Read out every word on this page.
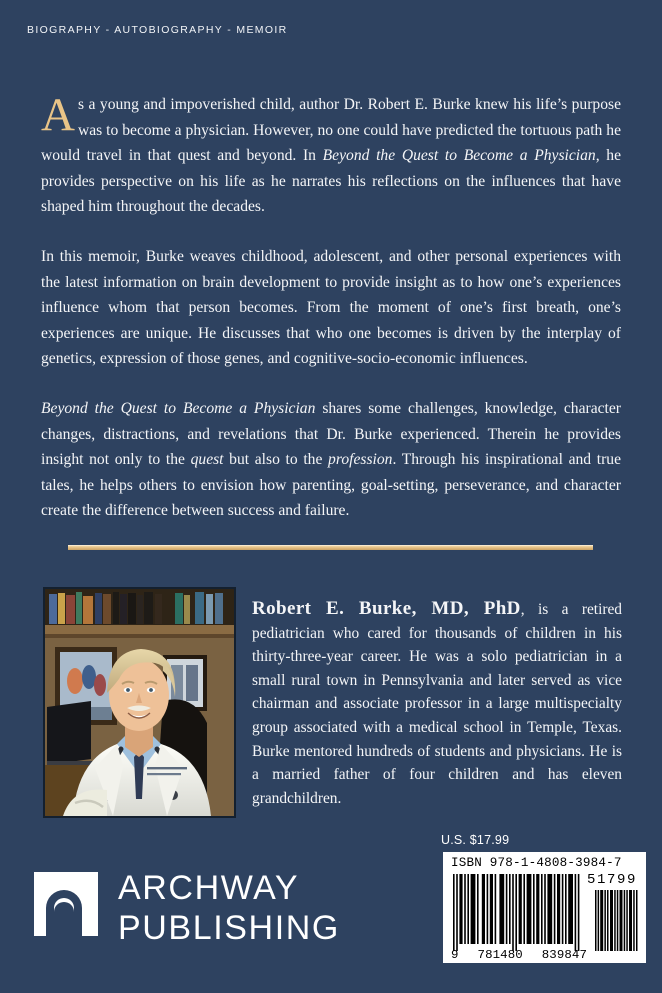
BIOGRAPHY - AUTOBIOGRAPHY - MEMOIR

As a young and impoverished child, author Dr. Robert E. Burke knew his life’s purpose was to become a physician. However, no one could have predicted the tortuous path he would travel in that quest and beyond. In Beyond the Quest to Become a Physician, he provides perspective on his life as he narrates his reflections on the influences that have shaped him throughout the decades.

In this memoir, Burke weaves childhood, adolescent, and other personal experiences with the latest information on brain development to provide insight as to how one’s experiences influence whom that person becomes. From the moment of one’s first breath, one’s experiences are unique. He discusses that who one becomes is driven by the interplay of genetics, expression of those genes, and cognitive-socio-economic influences.

Beyond the Quest to Become a Physician shares some challenges, knowledge, character changes, distractions, and revelations that Dr. Burke experienced. Therein he provides insight not only to the quest but also to the profession. Through his inspirational and true tales, he helps others to envision how parenting, goal-setting, perseverance, and character create the difference between success and failure.

Robert E. Burke, MD, PhD, is a retired pediatrician who cared for thousands of children in his thirty-three-year career. He was a solo pediatrician in a small rural town in Pennsylvania and later served as vice chairman and associate professor in a large multispecialty group associated with a medical school in Temple, Texas. Burke mentored hundreds of students and physicians. He is a married father of four children and has eleven grandchildren.
ARCHWAY
PUBLISHING
U.S. $17.99
ISBN 978-1-4808-3984-7
51799
9 781480 839847
